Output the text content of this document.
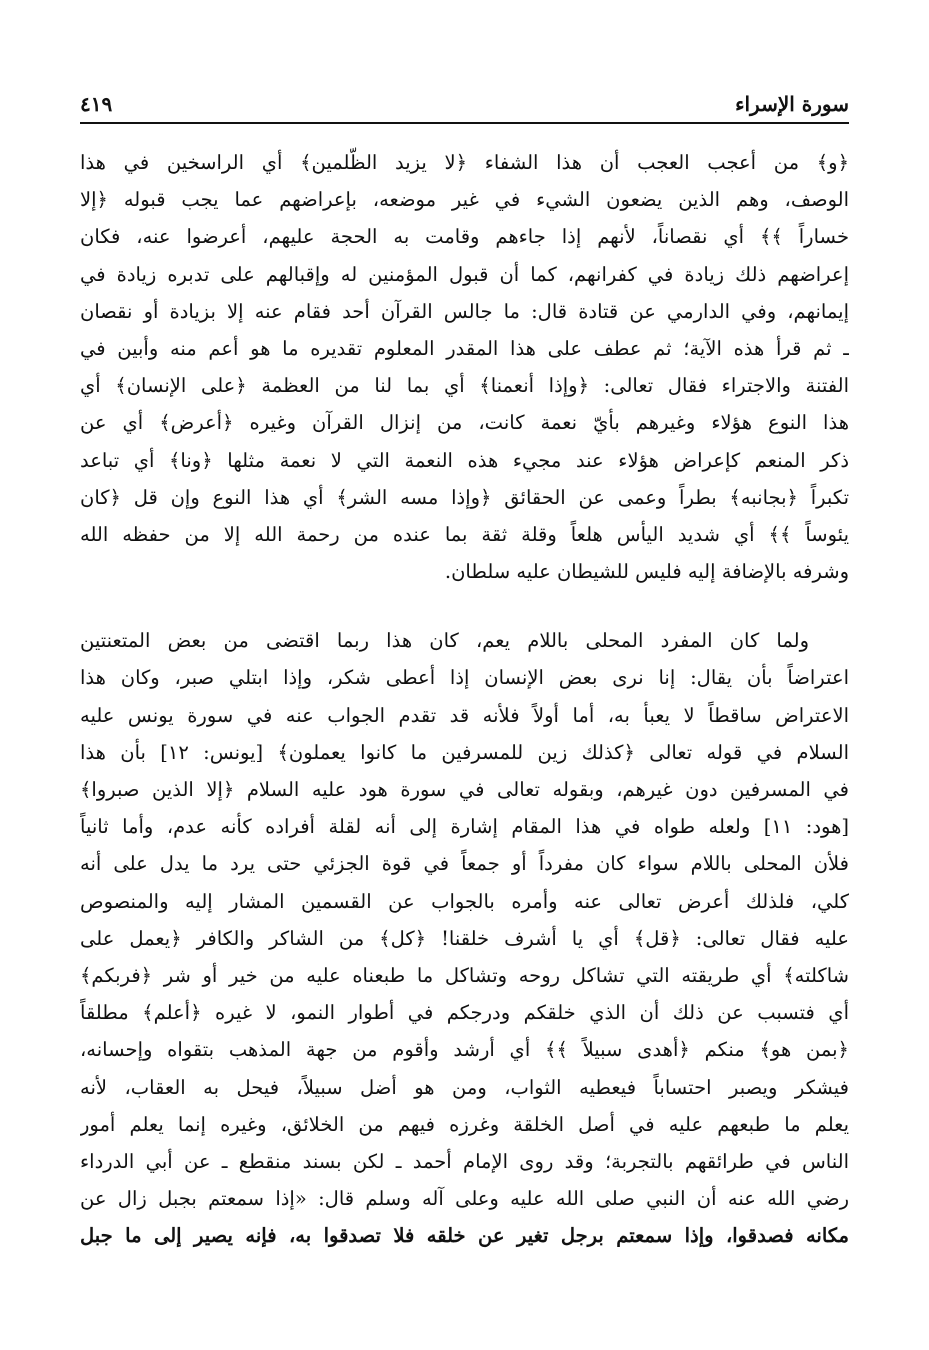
سورة الإسراء
٤١٩
﴿و﴾ من أعجب العجب أن هذا الشفاء ﴿لا يزيد الظّلمين﴾ أي الراسخين في هذا
الوصف، وهم الذين يضعون الشيء في غير موضعه، بإعراضهم عما يجب قبوله ﴿إلا
خساراً ﴾﴾ أي نقصاناً، لأنهم إذا جاءهم وقامت به الحجة عليهم، أعرضوا عنه، فكان
إعراضهم ذلك زيادة في كفرانهم، كما أن قبول المؤمنين له وإقبالهم على تدبره زيادة في
إيمانهم، وفي الدارمي عن قتادة قال: ما جالس القرآن أحد فقام عنه إلا بزيادة أو نقصان
ـ ثم قرأ هذه الآية؛ ثم عطف على هذا المقدر المعلوم تقديره ما هو أعم منه وأبين في
الفتنة والاجتراء فقال تعالى: ﴿وإذا أنعمنا﴾ أي بما لنا من العظمة ﴿على الإنسان﴾ أي
هذا النوع هؤلاء وغيرهم بأيّ نعمة كانت، من إنزال القرآن وغيره ﴿أعرض﴾ أي عن
ذكر المنعم كإعراض هؤلاء عند مجيء هذه النعمة التي لا نعمة مثلها ﴿ونا﴾ أي تباعد
تكبراً ﴿بجانبه﴾ بطراً وعمى عن الحقائق ﴿وإذا مسه الشر﴾ أي هذا النوع وإن قل ﴿كان
يئوساً ﴾﴾ أي شديد اليأس هلعاً وقلة ثقة بما عنده من رحمة الله إلا من حفظه الله
وشرفه بالإضافة إليه فليس للشيطان عليه سلطان.
ولما كان المفرد المحلى باللام يعم، كان هذا ربما اقتضى من بعض المتعنتين
اعتراضاً بأن يقال: إنا نرى بعض الإنسان إذا أعطى شكر، وإذا ابتلي صبر، وكان هذا
الاعتراض ساقطاً لا يعبأ به، أما أولاً فلأنه قد تقدم الجواب عنه في سورة يونس عليه
السلام في قوله تعالى ﴿كذلك زين للمسرفين ما كانوا يعملون﴾ [يونس: ١٢] بأن هذا
في المسرفين دون غيرهم، وبقوله تعالى في سورة هود عليه السلام ﴿إلا الذين صبروا﴾
[هود: ١١] ولعله طواه في هذا المقام إشارة إلى أنه لقلة أفراده كأنه عدم، وأما ثانياً
فلأن المحلى باللام سواء كان مفرداً أو جمعاً في قوة الجزئي حتى يرد ما يدل على أنه
كلي، فلذلك أعرض تعالى عنه وأمره بالجواب عن القسمين المشار إليه والمنصوص
عليه فقال تعالى: ﴿قل﴾ أي يا أشرف خلقنا! ﴿كل﴾ من الشاكر والكافر ﴿يعمل على
شاكلته﴾ أي طريقته التي تشاكل روحه وتشاكل ما طبعناه عليه من خير أو شر ﴿فربكم﴾
أي فتسبب عن ذلك أن الذي خلقكم ودرجكم في أطوار النمو، لا غيره ﴿أعلم﴾ مطلقاً
﴿بمن هو﴾ منكم ﴿أهدى سبيلاً ﴾﴾ أي أرشد وأقوم من جهة المذهب بتقواه وإحسانه،
فيشكر ويصبر احتساباً فيعطيه الثواب، ومن هو أضل سبيلاً، فيحل به العقاب، لأنه
يعلم ما طبعهم عليه في أصل الخلقة وغرزه فيهم من الخلائق، وغيره إنما يعلم أمور
الناس في طرائقهم بالتجربة؛ وقد روى الإمام أحمد ـ لكن بسند منقطع ـ عن أبي الدرداء
رضي الله عنه أن النبي صلى الله عليه وعلى آله وسلم قال: «إذا سمعتم بجبل زال عن
مكانه فصدقوا، وإذا سمعتم برجل تغير عن خلقه فلا تصدقوا به، فإنه يصير إلى ما جبل
